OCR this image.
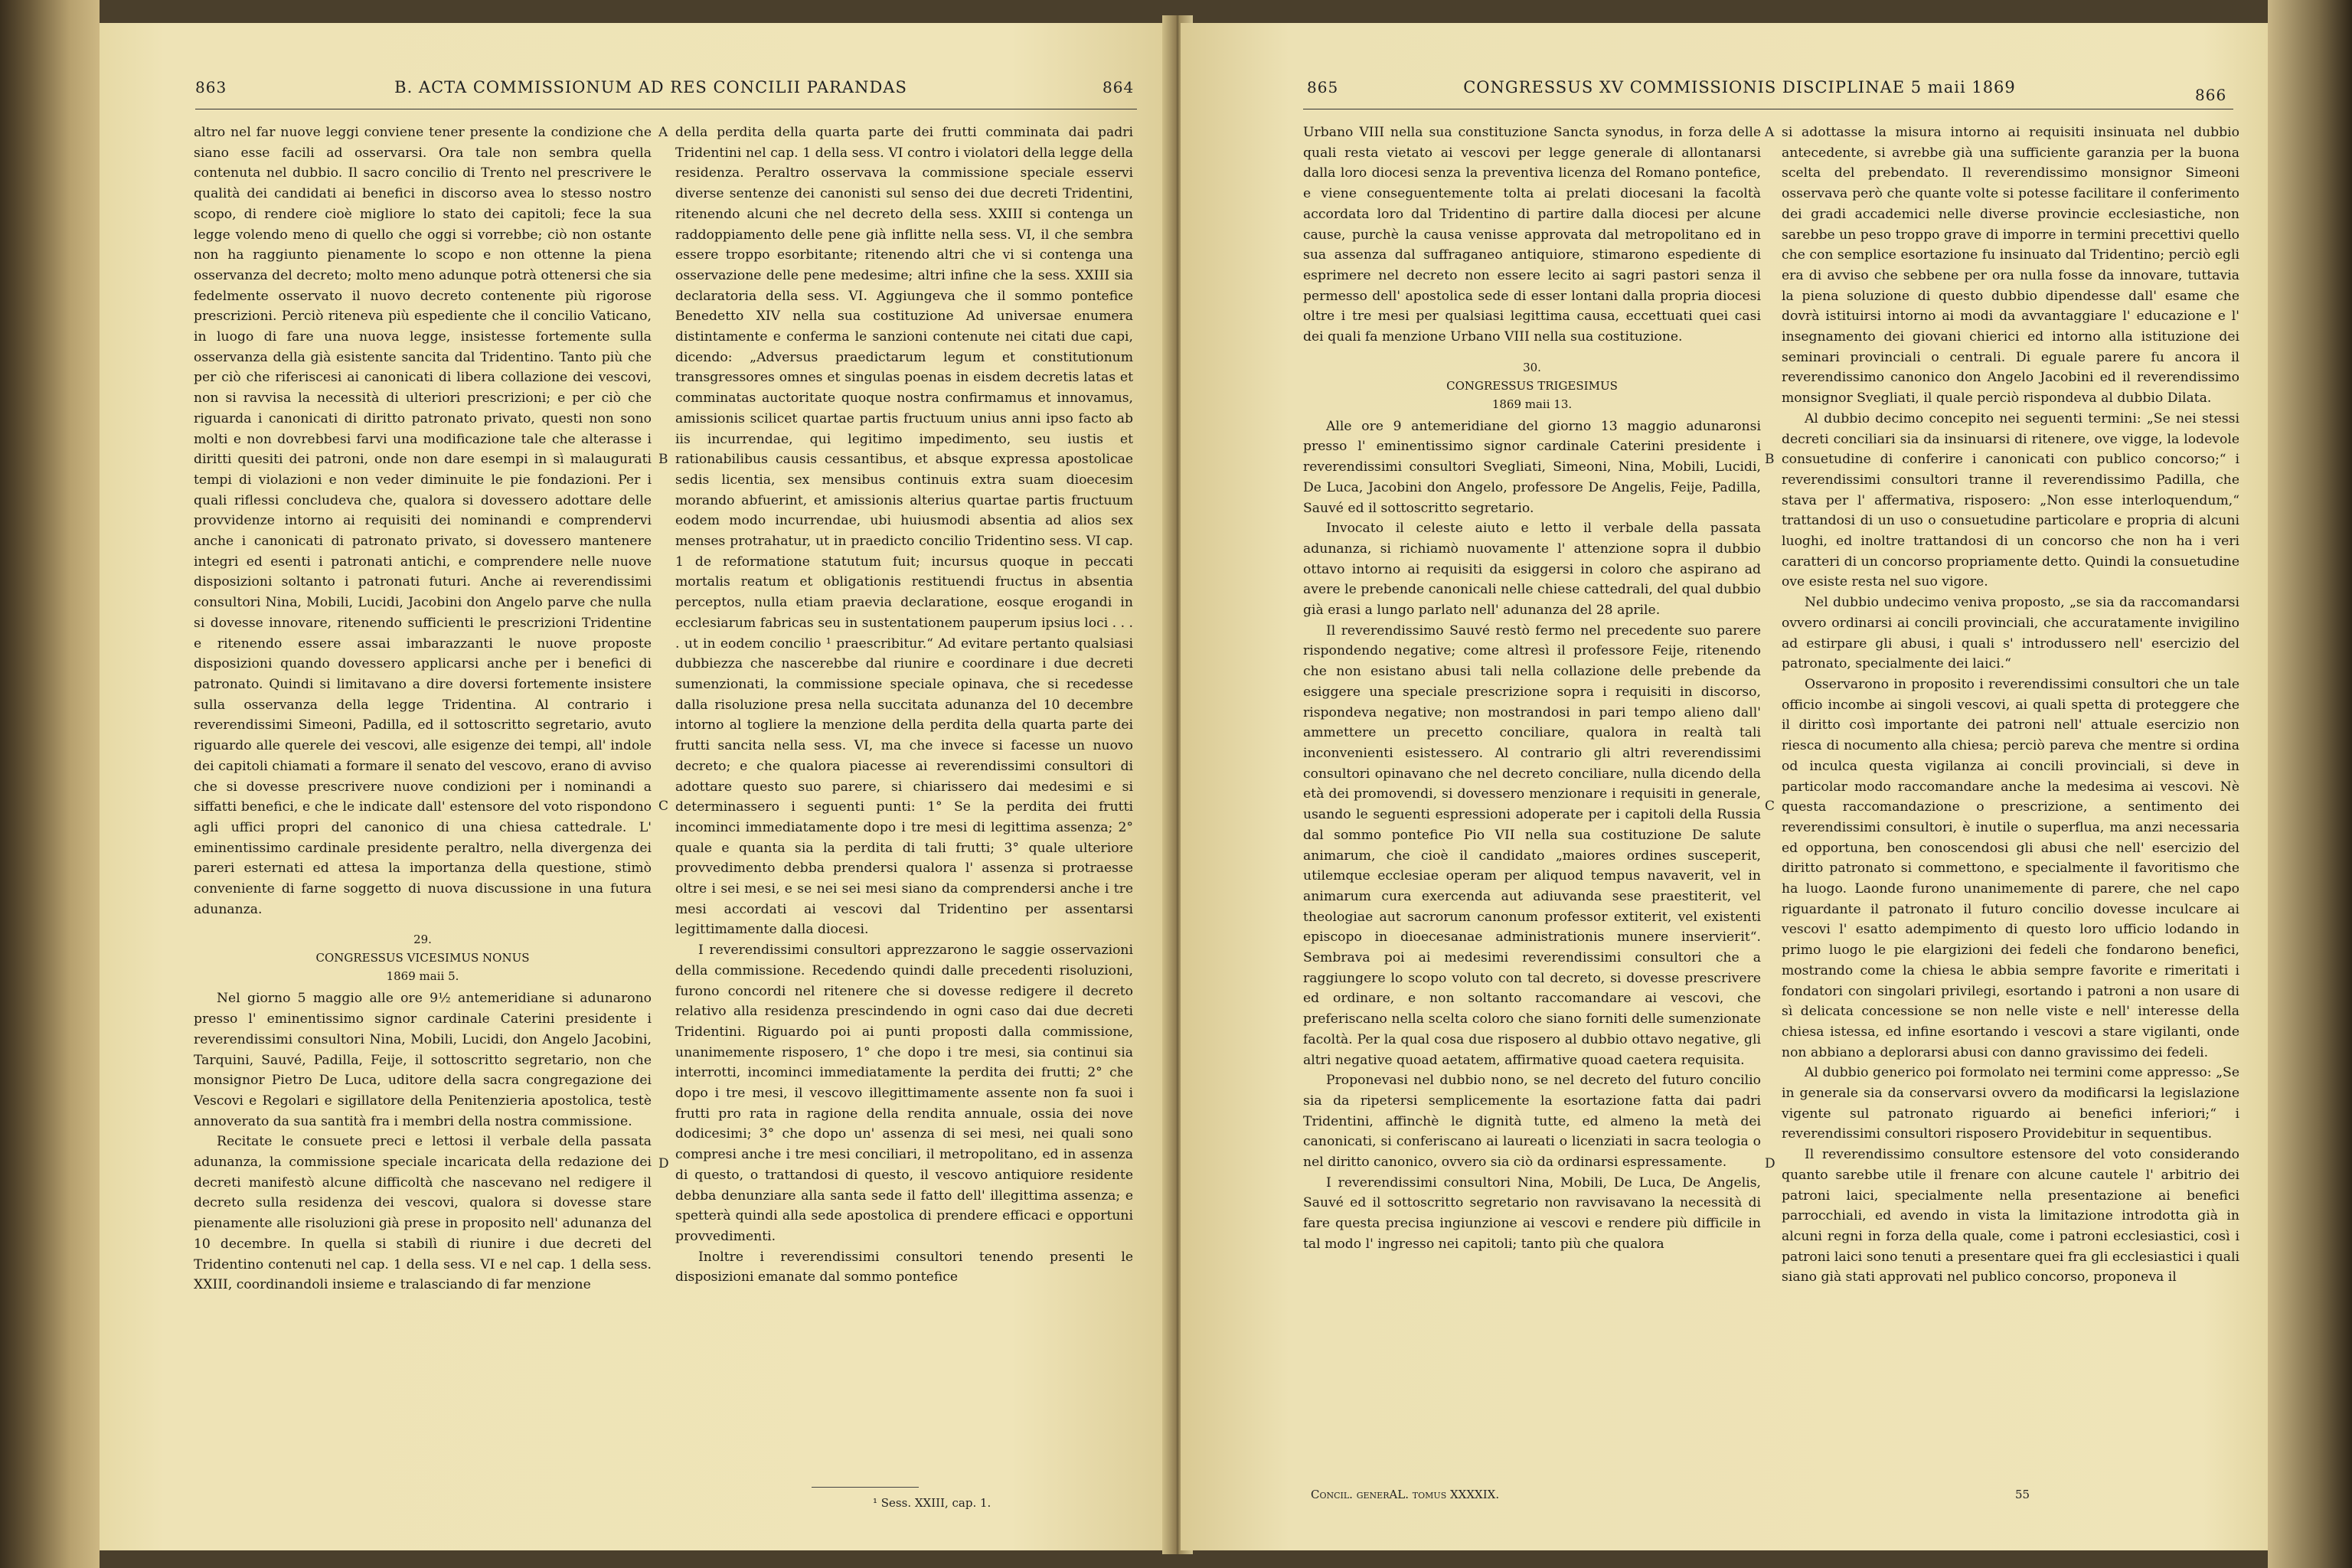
863	B. ACTA COMMISSIONUM AD RES CONCILII PARANDAS	864

altro nel far nuove leggi conviene tener presente la condizione che siano esse facili ad osservarsi. Ora tale non sembra quella contenuta nel dubbio. Il sacro concilio di Trento nel prescrivere le qualità dei candidati ai benefici in discorso avea lo stesso nostro scopo, di rendere cioè migliore lo stato dei capitoli; fece la sua legge volendo meno di quello che oggi si vorrebbe; ciò non ostante non ha raggiunto pienamente lo scopo e non ottenne la piena osservanza del decreto; molto meno adunque potrà ottenersi che sia fedelmente osservato il nuovo decreto contenente più rigorose prescrizioni. Perciò riteneva più espediente che il concilio Vaticano, in luogo di fare una nuova legge, insistesse fortemente sulla osservanza della già esistente sancita dal Tridentino. Tanto più che per ciò che riferiscesi ai canonicati di libera collazione dei vescovi, non si ravvisa la necessità di ulteriori prescrizioni; e per ciò che riguarda i canonicati di diritto patronato privato, questi non sono molti e non dovrebbesi farvi una modificazione tale che alterasse i diritti quesiti dei patroni, onde non dare esempi in sì malaugurati tempi di violazioni e non veder diminuite le pie fondazioni. Per i quali riflessi concludeva che, qualora si dovessero adottare delle provvidenze intorno ai requisiti dei nominandi e comprendervi anche i canonicati di patronato privato, si dovessero mantenere integri ed esenti i patronati antichi, e comprendere nelle nuove disposizioni soltanto i patronati futuri. Anche ai reverendissimi consultori Nina, Mobili, Lucidi, Jacobini don Angelo parve che nulla si dovesse innovare, ritenendo sufficienti le prescrizioni Tridentine e ritenendo essere assai imbarazzanti le nuove proposte disposizioni quando dovessero applicarsi anche per i benefici di patronato. Quindi si limitavano a dire doversi fortemente insistere sulla osservanza della legge Tridentina. Al contrario i reverendissimi Simeoni, Padilla, ed il sottoscritto segretario, avuto riguardo alle querele dei vescovi, alle esigenze dei tempi, all' indole dei capitoli chiamati a formare il senato del vescovo, erano di avviso che si dovesse prescrivere nuove condizioni per i nominandi a siffatti benefici, e che le indicate dall' estensore del voto rispondono agli uffici propri del canonico di una chiesa cattedrale. L' eminentissimo cardinale presidente peraltro, nella divergenza dei pareri esternati ed attesa la importanza della questione, stimò conveniente di farne soggetto di nuova discussione in una futura adunanza.

29.
CONGRESSUS VICESIMUS NONUS
1869 maii 5.

Nel giorno 5 maggio alle ore 9½ antemeridiane si adunarono presso l' eminentissimo signor cardinale Caterini presidente i reverendissimi consultori Nina, Mobili, Lucidi, don Angelo Jacobini, Tarquini, Sauvé, Padilla, Feije, il sottoscritto segretario, non che monsignor Pietro De Luca, uditore della sacra congregazione dei Vescovi e Regolari e sigillatore della Penitenzieria apostolica, testè annoverato da sua santità fra i membri della nostra commissione.

Recitate le consuete preci e lettosi il verbale della passata adunanza, la commissione speciale incaricata della redazione dei decreti manifestò alcune difficoltà che nascevano nel redigere il decreto sulla residenza dei vescovi, qualora si dovesse stare pienamente alle risoluzioni già prese in proposito nell' adunanza del 10 decembre. In quella si stabilì di riunire i due decreti del Tridentino contenuti nel cap. 1 della sess. VI e nel cap. 1 della sess. XXIII, coordinandoli insieme e tralasciando di far menzione

della perdita della quarta parte dei frutti comminata dai padri Tridentini nel cap. 1 della sess. VI contro i violatori della legge della residenza. Peraltro osservava la commissione speciale esservi diverse sentenze dei canonisti sul senso dei due decreti Tridentini, ritenendo alcuni che nel decreto della sess. XXIII si contenga un raddoppiamento delle pene già inflitte nella sess. VI, il che sembra essere troppo esorbitante; ritenendo altri che vi si contenga una osservazione delle pene medesime; altri infine che la sess. XXIII sia declaratoria della sess. VI. Aggiungeva che il sommo pontefice Benedetto XIV nella sua costituzione Ad universae enumera distintamente e conferma le sanzioni contenute nei citati due capi, dicendo: „Adversus praedictarum legum et constitutionum transgressores omnes et singulas poenas in eisdem decretis latas et comminatas auctoritate quoque nostra confirmamus et innovamus, amissionis scilicet quartae partis fructuum unius anni ipso facto ab iis incurrendae, qui legitimo impedimento, seu iustis et rationabilibus causis cessantibus, et absque expressa apostolicae sedis licentia, sex mensibus continuis extra suam dioecesim morando abfuerint, et amissionis alterius quartae partis fructuum eodem modo incurrendae, ubi huiusmodi absentia ad alios sex menses protrahatur, ut in praedicto concilio Tridentino sess. VI cap. 1 de reformatione statutum fuit; incursus quoque in peccati mortalis reatum et obligationis restituendi fructus in absentia perceptos, nulla etiam praevia declaratione, eosque erogandi in ecclesiarum fabricas seu in sustentationem pauperum ipsius loci . . . . ut in eodem concilio ¹ praescribitur.“ Ad evitare pertanto qualsiasi dubbiezza che nascerebbe dal riunire e coordinare i due decreti sumenzionati, la commissione speciale opinava, che si recedesse dalla risoluzione presa nella succitata adunanza del 10 decembre intorno al togliere la menzione della perdita della quarta parte dei frutti sancita nella sess. VI, ma che invece si facesse un nuovo decreto; e che qualora piacesse ai reverendissimi consultori di adottare questo suo parere, si chiarissero dai medesimi e si determinassero i seguenti punti: 1° Se la perdita dei frutti incominci immediatamente dopo i tre mesi di legittima assenza; 2° quale e quanta sia la perdita di tali frutti; 3° quale ulteriore provvedimento debba prendersi qualora l' assenza si protraesse oltre i sei mesi, e se nei sei mesi siano da comprendersi anche i tre mesi accordati ai vescovi dal Tridentino per assentarsi legittimamente dalla diocesi.

I reverendissimi consultori apprezzarono le saggie osservazioni della commissione. Recedendo quindi dalle precedenti risoluzioni, furono concordi nel ritenere che si dovesse redigere il decreto relativo alla residenza prescindendo in ogni caso dai due decreti Tridentini. Riguardo poi ai punti proposti dalla commissione, unanimemente risposero, 1° che dopo i tre mesi, sia continui sia interrotti, incominci immediatamente la perdita dei frutti; 2° che dopo i tre mesi, il vescovo illegittimamente assente non fa suoi i frutti pro rata in ragione della rendita annuale, ossia dei nove dodicesimi; 3° che dopo un' assenza di sei mesi, nei quali sono compresi anche i tre mesi conciliari, il metropolitano, ed in assenza di questo, o trattandosi di questo, il vescovo antiquiore residente debba denunziare alla santa sede il fatto dell' illegittima assenza; e spetterà quindi alla sede apostolica di prendere efficaci e opportuni provvedimenti.

Inoltre i reverendissimi consultori tenendo presenti le disposizioni emanate dal sommo pontefice

A
B
C
D
¹ Sess. XXIII, cap. 1.
865	CONGRESSUS XV COMMISSIONIS DISCIPLINAE 5 maii 1869	866

Urbano VIII nella sua constituzione Sancta synodus, in forza delle quali resta vietato ai vescovi per legge generale di allontanarsi dalla loro diocesi senza la preventiva licenza del Romano pontefice, e viene conseguentemente tolta ai prelati diocesani la facoltà accordata loro dal Tridentino di partire dalla diocesi per alcune cause, purchè la causa venisse approvata dal metropolitano ed in sua assenza dal suffraganeo antiquiore, stimarono espediente di esprimere nel decreto non essere lecito ai sagri pastori senza il permesso dell' apostolica sede di esser lontani dalla propria diocesi oltre i tre mesi per qualsiasi legittima causa, eccettuati quei casi dei quali fa menzione Urbano VIII nella sua costituzione.

30.
CONGRESSUS TRIGESIMUS
1869 maii 13.

Alle ore 9 antemeridiane del giorno 13 maggio adunaronsi presso l' eminentissimo signor cardinale Caterini presidente i reverendissimi consultori Svegliati, Simeoni, Nina, Mobili, Lucidi, De Luca, Jacobini don Angelo, professore De Angelis, Feije, Padilla, Sauvé ed il sottoscritto segretario.

Invocato il celeste aiuto e letto il verbale della passata adunanza, si richiamò nuovamente l' attenzione sopra il dubbio ottavo intorno ai requisiti da esiggersi in coloro che aspirano ad avere le prebende canonicali nelle chiese cattedrali, del qual dubbio già erasi a lungo parlato nell' adunanza del 28 aprile.

Il reverendissimo Sauvé restò fermo nel precedente suo parere rispondendo negative; come altresì il professore Feije, ritenendo che non esistano abusi tali nella collazione delle prebende da esiggere una speciale prescrizione sopra i requisiti in discorso, rispondeva negative; non mostrandosi in pari tempo alieno dall' ammettere un precetto conciliare, qualora in realtà tali inconvenienti esistessero. Al contrario gli altri reverendissimi consultori opinavano che nel decreto conciliare, nulla dicendo della età dei promovendi, si dovessero menzionare i requisiti in generale, usando le seguenti espressioni adoperate per i capitoli della Russia dal sommo pontefice Pio VII nella sua costituzione De salute animarum, che cioè il candidato „maiores ordines susceperit, utilemque ecclesiae operam per aliquod tempus navaverit, vel in animarum cura exercenda aut adiuvanda sese praestiterit, vel theologiae aut sacrorum canonum professor extiterit, vel existenti episcopo in dioecesanae administrationis munere inservierit“. Sembrava poi ai medesimi reverendissimi consultori che a raggiungere lo scopo voluto con tal decreto, si dovesse prescrivere ed ordinare, e non soltanto raccomandare ai vescovi, che preferiscano nella scelta coloro che siano forniti delle sumenzionate facoltà. Per la qual cosa due risposero al dubbio ottavo negative, gli altri negative quoad aetatem, affirmative quoad caetera requisita.

Proponevasi nel dubbio nono, se nel decreto del futuro concilio sia da ripetersi semplicemente la esortazione fatta dai padri Tridentini, affinchè le dignità tutte, ed almeno la metà dei canonicati, si conferiscano ai laureati o licenziati in sacra teologia o nel diritto canonico, ovvero sia ciò da ordinarsi espressamente.

I reverendissimi consultori Nina, Mobili, De Luca, De Angelis, Sauvé ed il sottoscritto segretario non ravvisavano la necessità di fare questa precisa ingiunzione ai vescovi e rendere più difficile in tal modo l' ingresso nei capitoli; tanto più che qualora

si adottasse la misura intorno ai requisiti insinuata nel dubbio antecedente, si avrebbe già una sufficiente garanzia per la buona scelta del prebendato. Il reverendissimo monsignor Simeoni osservava però che quante volte si potesse facilitare il conferimento dei gradi accademici nelle diverse provincie ecclesiastiche, non sarebbe un peso troppo grave di imporre in termini precettivi quello che con semplice esortazione fu insinuato dal Tridentino; perciò egli era di avviso che sebbene per ora nulla fosse da innovare, tuttavia la piena soluzione di questo dubbio dipendesse dall' esame che dovrà istituirsi intorno ai modi da avvantaggiare l' educazione e l' insegnamento dei giovani chierici ed intorno alla istituzione dei seminari provinciali o centrali. Di eguale parere fu ancora il reverendissimo canonico don Angelo Jacobini ed il reverendissimo monsignor Svegliati, il quale perciò rispondeva al dubbio Dilata.

Al dubbio decimo concepito nei seguenti termini: „Se nei stessi decreti conciliari sia da insinuarsi di ritenere, ove vigge, la lodevole consuetudine di conferire i canonicati con publico concorso;“ i reverendissimi consultori tranne il reverendissimo Padilla, che stava per l' affermativa, risposero: „Non esse interloquendum,“ trattandosi di un uso o consuetudine particolare e propria di alcuni luoghi, ed inoltre trattandosi di un concorso che non ha i veri caratteri di un concorso propriamente detto. Quindi la consuetudine ove esiste resta nel suo vigore.

Nel dubbio undecimo veniva proposto, „se sia da raccomandarsi ovvero ordinarsi ai concili provinciali, che accuratamente invigilino ad estirpare gli abusi, i quali s' introdussero nell' esercizio del patronato, specialmente dei laici.“

Osservarono in proposito i reverendissimi consultori che un tale officio incombe ai singoli vescovi, ai quali spetta di proteggere che il diritto così importante dei patroni nell' attuale esercizio non riesca di nocumento alla chiesa; perciò pareva che mentre si ordina od inculca questa vigilanza ai concili provinciali, si deve in particolar modo raccomandare anche la medesima ai vescovi. Nè questa raccomandazione o prescrizione, a sentimento dei reverendissimi consultori, è inutile o superflua, ma anzi necessaria ed opportuna, ben conoscendosi gli abusi che nell' esercizio del diritto patronato si commettono, e specialmente il favoritismo che ha luogo. Laonde furono unanimemente di parere, che nel capo riguardante il patronato il futuro concilio dovesse inculcare ai vescovi l' esatto adempimento di questo loro ufficio lodando in primo luogo le pie elargizioni dei fedeli che fondarono benefici, mostrando come la chiesa le abbia sempre favorite e rimeritati i fondatori con singolari privilegi, esortando i patroni a non usare di sì delicata concessione se non nelle viste e nell' interesse della chiesa istessa, ed infine esortando i vescovi a stare vigilanti, onde non abbiano a deplorarsi abusi con danno gravissimo dei fedeli.

Al dubbio generico poi formolato nei termini come appresso: „Se in generale sia da conservarsi ovvero da modificarsi la legislazione vigente sul patronato riguardo ai benefici inferiori;“ i reverendissimi consultori risposero Providebitur in sequentibus.

Il reverendissimo consultore estensore del voto considerando quanto sarebbe utile il frenare con alcune cautele l' arbitrio dei patroni laici, specialmente nella presentazione ai benefici parrocchiali, ed avendo in vista la limitazione introdotta già in alcuni regni in forza della quale, come i patroni ecclesiastici, così i patroni laici sono tenuti a presentare quei fra gli ecclesiastici i quali siano già stati approvati nel publico concorso, proponeva il

A
B
C
D
Concil. generAL. tomus XXXXIX.	55
